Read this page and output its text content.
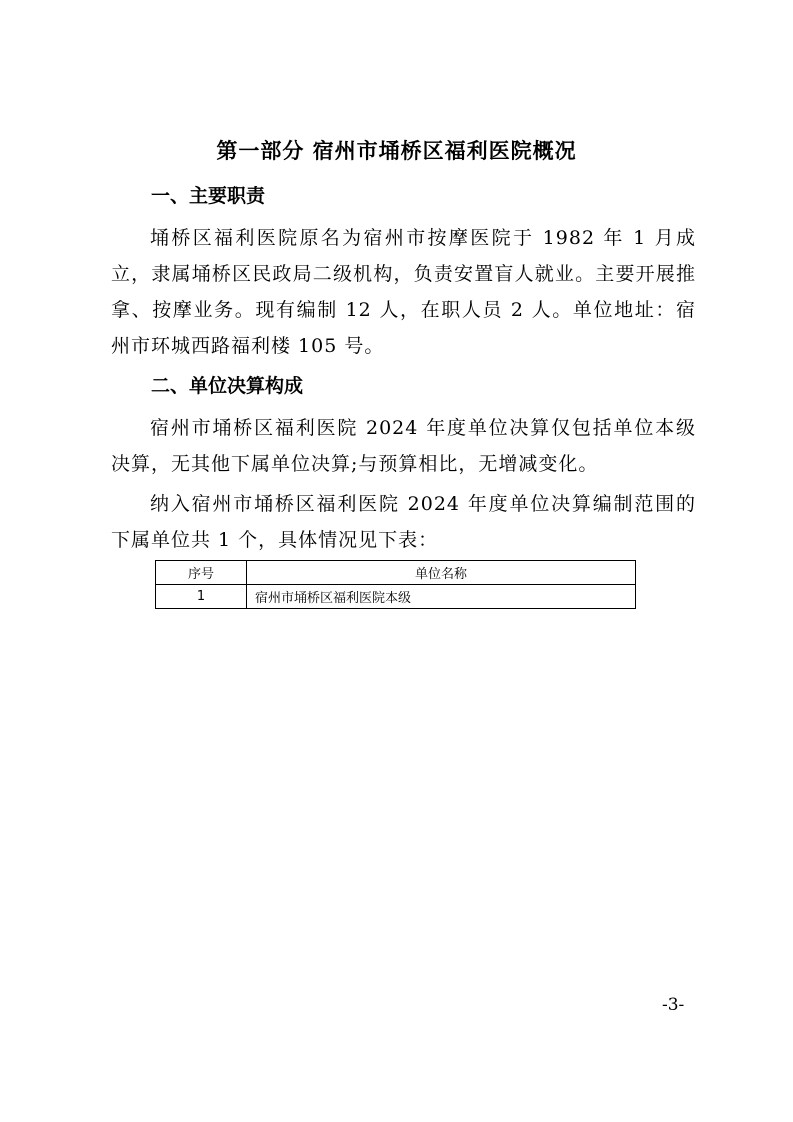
第一部分 宿州市埇桥区福利医院概况
一、主要职责

埇桥区福利医院原名为宿州市按摩医院于 1982 年 1 月成立，隶属埇桥区民政局二级机构，负责安置盲人就业。主要开展推拿、按摩业务。现有编制 12 人，在职人员 2 人。单位地址：宿州市环城西路福利楼 105 号。

二、单位决算构成

宿州市埇桥区福利医院 2024 年度单位决算仅包括单位本级决算，无其他下属单位决算;与预算相比，无增减变化。

纳入宿州市埇桥区福利医院 2024 年度单位决算编制范围的下属单位共 1 个，具体情况见下表：

序号	单位名称
1	宿州市埇桥区福利医院本级
-3-
